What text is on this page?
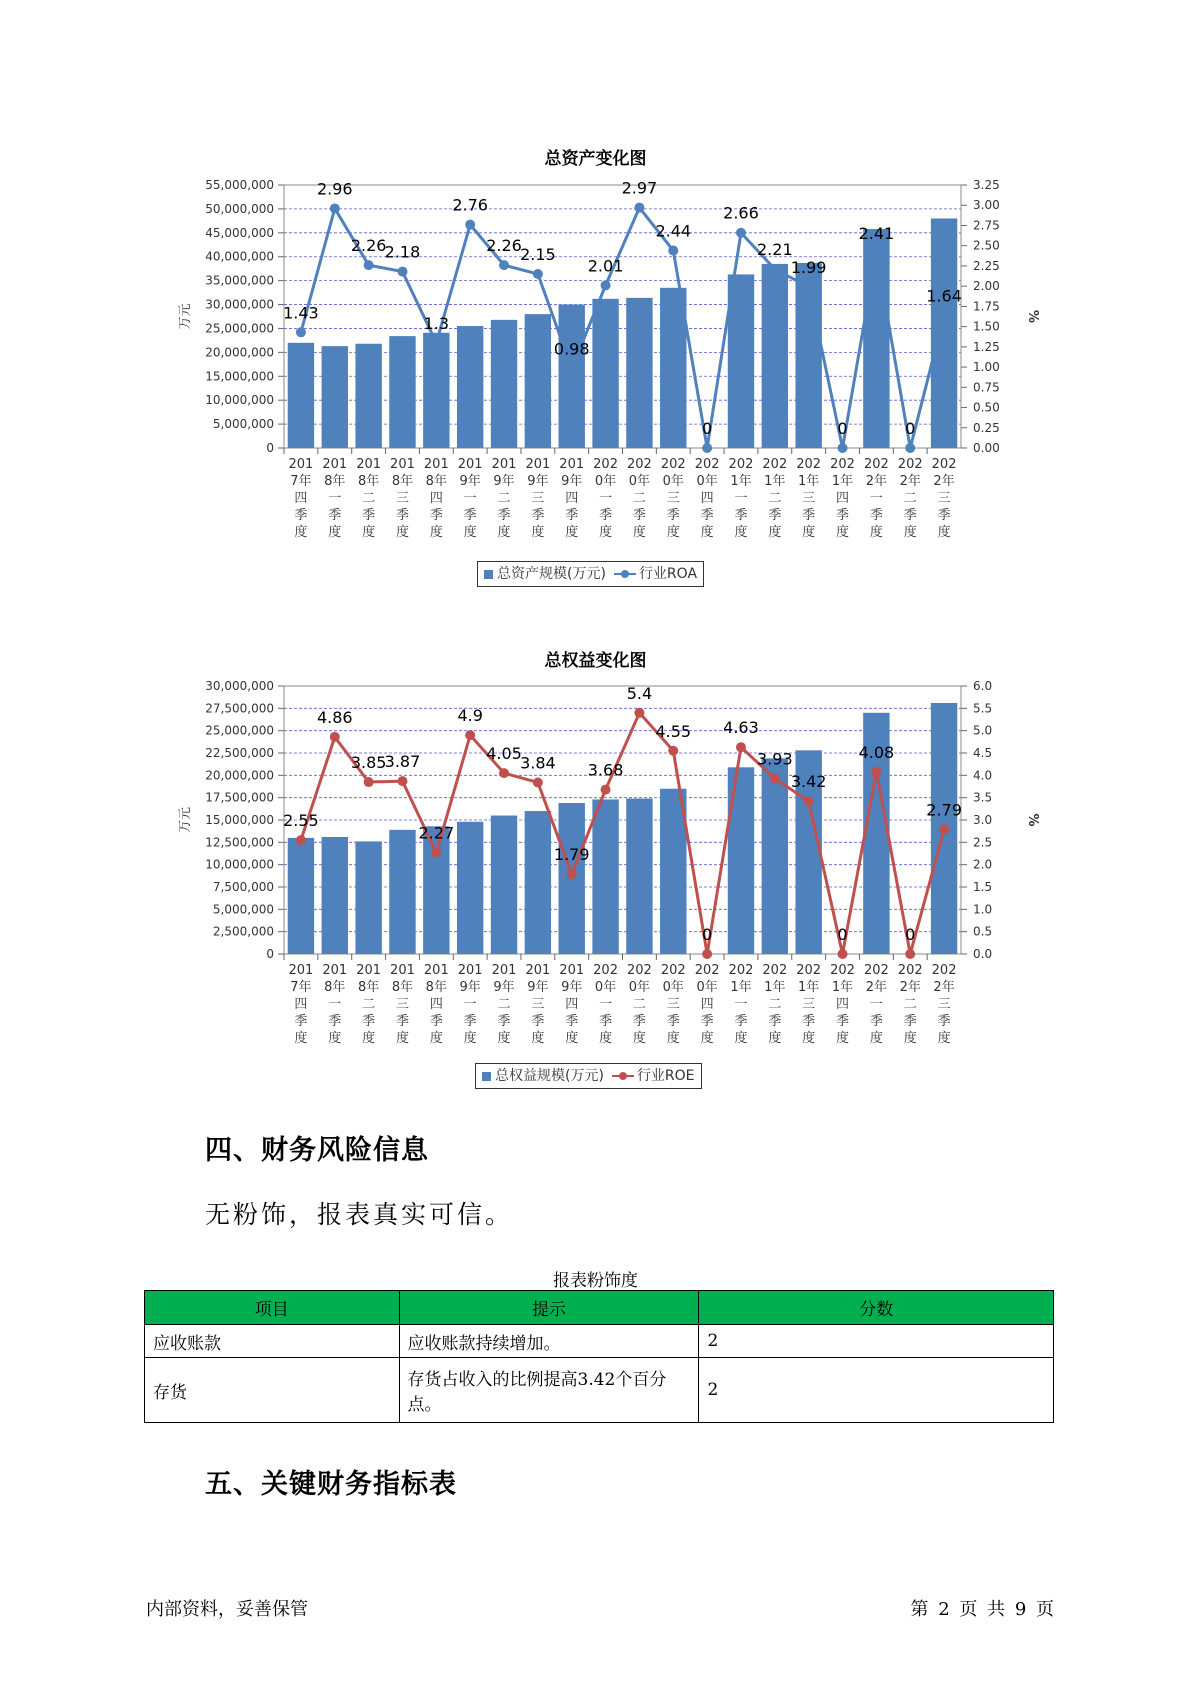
总资产变化图
0
5,000,000
10,000,000
15,000,000
20,000,000
25,000,000
30,000,000
35,000,000
40,000,000
45,000,000
50,000,000
55,000,000
0.00
0.25
0.50
0.75
1.00
1.25
1.50
1.75
2.00
2.25
2.50
2.75
3.00
3.25
万元	%
201 7年四季度
201 8年一季度
201 8年二季度
201 8年三季度
201 8年四季度
201 9年一季度
201 9年二季度
201 9年三季度
201 9年四季度
202 0年一季度
202 0年二季度
202 0年三季度
202 0年四季度
202 1年一季度
202 1年二季度
202 1年三季度
202 1年四季度
202 2年一季度
202 2年二季度
202 2年三季度
1.43
2.96
2.26
2.18
1.3
2.76
2.26
2.15
0.98
2.01
2.97
2.44
0
2.66
2.21
1.99
0
2.41
0
1.64
总资产规模(万元) 行业ROA
总权益变化图
0
2,500,000
5,000,000
7,500,000
10,000,000
12,500,000
15,000,000
17,500,000
20,000,000
22,500,000
25,000,000
27,500,000
30,000,000
0.0
0.5
1.0
1.5
2.0
2.5
3.0
3.5
4.0
4.5
5.0
5.5
6.0
万元	%
201 7年四季度
201 8年一季度
201 8年二季度
201 8年三季度
201 8年四季度
201 9年一季度
201 9年二季度
201 9年三季度
201 9年四季度
202 0年一季度
202 0年二季度
202 0年三季度
202 0年四季度
202 1年一季度
202 1年二季度
202 1年三季度
202 1年四季度
202 2年一季度
202 2年二季度
202 2年三季度
2.55
4.86
3.85
3.87
2.27
4.9
4.05
3.84
1.79
3.68
5.4
4.55
0
4.63
3.93
3.42
0
4.08
0
2.79
总权益规模(万元) 行业ROE
四、财务风险信息
无粉饰，报表真实可信。
报表粉饰度
项目	提示	分数
应收账款	应收账款持续增加。	2
存货	存货占收入的比例提高3.42个百分点。	2
五、关键财务指标表
内部资料，妥善保管	第 2 页 共 9 页
